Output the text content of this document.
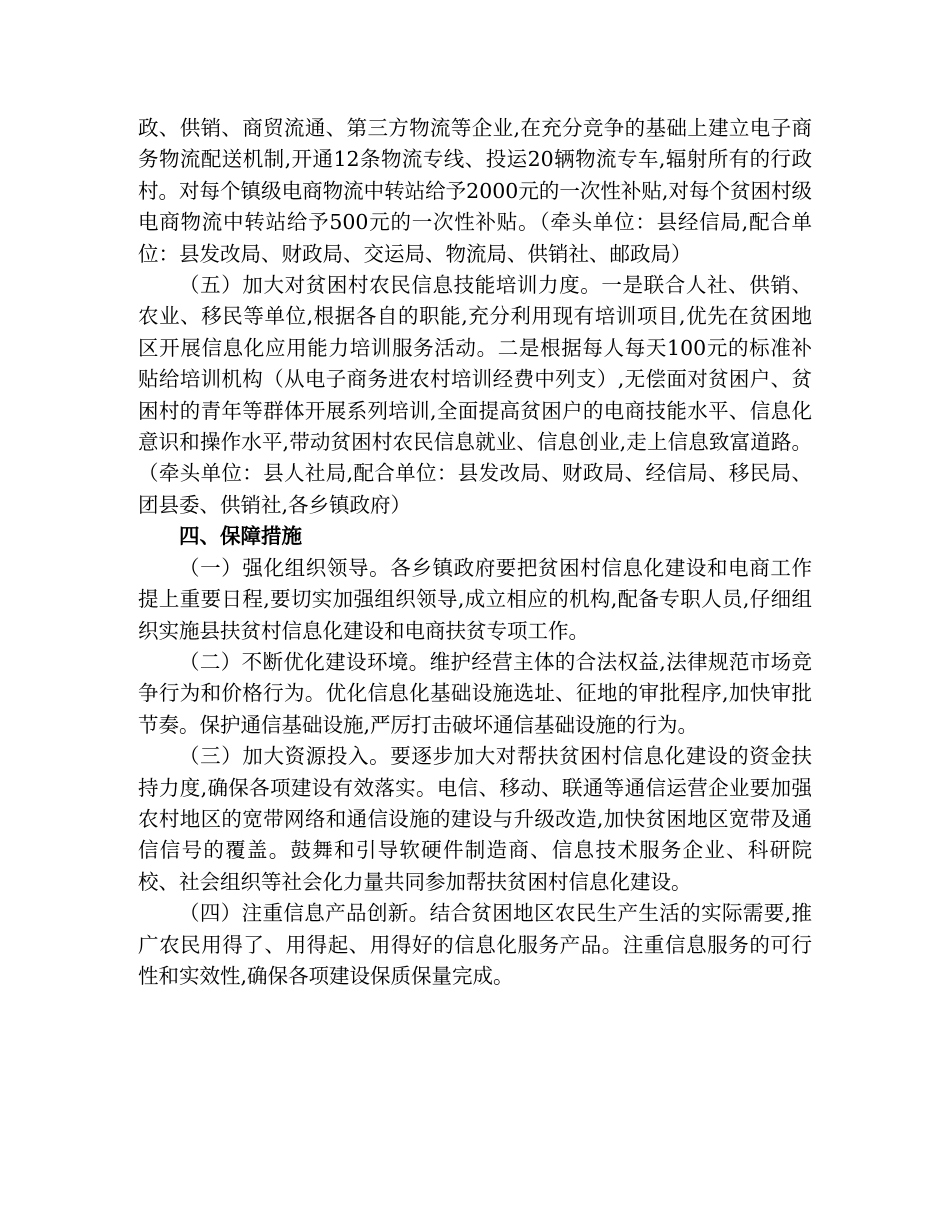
政、供销、商贸流通、第三方物流等企业,在充分竞争的基础上建立电子商务物流配送机制,开通12条物流专线、投运20辆物流专车,辐射所有的行政村。对每个镇级电商物流中转站给予2000元的一次性补贴,对每个贫困村级电商物流中转站给予500元的一次性补贴。（牵头单位：县经信局,配合单位：县发改局、财政局、交运局、物流局、供销社、邮政局）

（五）加大对贫困村农民信息技能培训力度。一是联合人社、供销、农业、移民等单位,根据各自的职能,充分利用现有培训项目,优先在贫困地区开展信息化应用能力培训服务活动。二是根据每人每天100元的标准补贴给培训机构（从电子商务进农村培训经费中列支）,无偿面对贫困户、贫困村的青年等群体开展系列培训,全面提高贫困户的电商技能水平、信息化意识和操作水平,带动贫困村农民信息就业、信息创业,走上信息致富道路。（牵头单位：县人社局,配合单位：县发改局、财政局、经信局、移民局、团县委、供销社,各乡镇政府）

四、保障措施

（一）强化组织领导。各乡镇政府要把贫困村信息化建设和电商工作提上重要日程,要切实加强组织领导,成立相应的机构,配备专职人员,仔细组织实施县扶贫村信息化建设和电商扶贫专项工作。

（二）不断优化建设环境。维护经营主体的合法权益,法律规范市场竞争行为和价格行为。优化信息化基础设施选址、征地的审批程序,加快审批节奏。保护通信基础设施,严厉打击破坏通信基础设施的行为。

（三）加大资源投入。要逐步加大对帮扶贫困村信息化建设的资金扶持力度,确保各项建设有效落实。电信、移动、联通等通信运营企业要加强农村地区的宽带网络和通信设施的建设与升级改造,加快贫困地区宽带及通信信号的覆盖。鼓舞和引导软硬件制造商、信息技术服务企业、科研院校、社会组织等社会化力量共同参加帮扶贫困村信息化建设。

（四）注重信息产品创新。结合贫困地区农民生产生活的实际需要,推广农民用得了、用得起、用得好的信息化服务产品。注重信息服务的可行性和实效性,确保各项建设保质保量完成。
